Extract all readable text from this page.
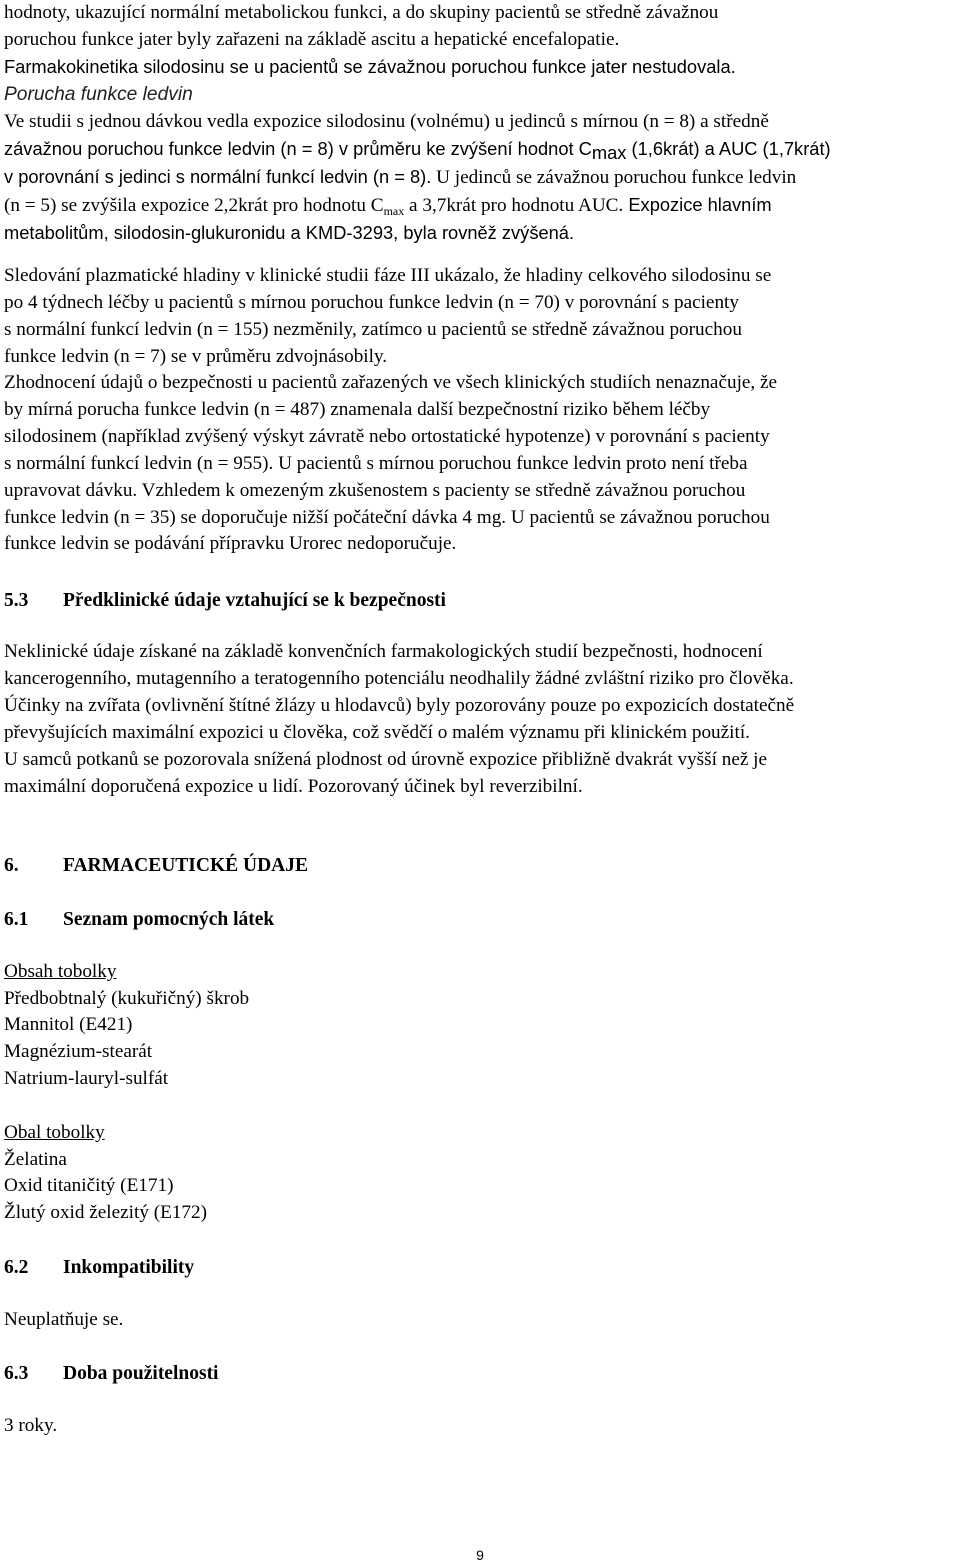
hodnoty, ukazující normální metabolickou funkci, a do skupiny pacientů se středně závažnou
poruchou funkce jater byly zařazeni na základě ascitu a hepatické encefalopatie.
Farmakokinetika silodosinu se u pacientů se závažnou poruchou funkce jater nestudovala.

Porucha funkce ledvin

Ve studii s jednou dávkou vedla expozice silodosinu (volnému) u jedinců s mírnou (n = 8) a středně
závažnou poruchou funkce ledvin (n = 8) v průměru ke zvýšení hodnot $C_{max}$ (1,6krát) a AUC (1,7krát)
v porovnání s jedinci s normální funkcí ledvin (n = 8). U jedinců se závažnou poruchou funkce ledvin
(n = 5) se zvýšila expozice 2,2krát pro hodnotu $C_{max}$ a 3,7krát pro hodnotu AUC. Expozice hlavním
metabolitům, silodosin-glukuronidu a KMD-3293, byla rovněž zvýšená.

Sledování plazmatické hladiny v klinické studii fáze III ukázalo, že hladiny celkového silodosinu se
po 4 týdnech léčby u pacientů s mírnou poruchou funkce ledvin (n = 70) v porovnání s pacienty
s normální funkcí ledvin (n = 155) nezměnily, zatímco u pacientů se středně závažnou poruchou
funkce ledvin (n = 7) se v průměru zdvojnásobily.

Zhodnocení údajů o bezpečnosti u pacientů zařazených ve všech klinických studiích nenaznačuje, že
by mírná porucha funkce ledvin (n = 487) znamenala další bezpečnostní riziko během léčby
silodosinem (například zvýšený výskyt závratě nebo ortostatické hypotenze) v porovnání s pacienty
s normální funkcí ledvin (n = 955). U pacientů s mírnou poruchou funkce ledvin proto není třeba
upravovat dávku. Vzhledem k omezeným zkušenostem s pacienty se středně závažnou poruchou
funkce ledvin (n = 35) se doporučuje nižší počáteční dávka 4 mg. U pacientů se závažnou poruchou
funkce ledvin se podávání přípravku Urorec nedoporučuje.

5.3 Předklinické údaje vztahující se k bezpečnosti

Neklinické údaje získané na základě konvenčních farmakologických studií bezpečnosti, hodnocení
kancerogenního, mutagenního a teratogenního potenciálu neodhalily žádné zvláštní riziko pro člověka.
Účinky na zvířata (ovlivnění štítné žlázy u hlodavců) byly pozorovány pouze po expozicích dostatečně
převyšujících maximální expozici u člověka, což svědčí o malém významu při klinickém použití.
U samců potkanů se pozorovala snížená plodnost od úrovně expozice přibližně dvakrát vyšší než je
maximální doporučená expozice u lidí. Pozorovaný účinek byl reverzibilní.

6. FARMACEUTICKÉ ÚDAJE
6.1 Seznam pomocných látek
Obsah tobolky
Předbobtnalý (kukuřičný) škrob
Mannitol (E421)
Magnézium-stearát
Natrium-lauryl-sulfát
Obal tobolky
Želatina
Oxid titaničitý (E171)
Žlutý oxid železitý (E172)
6.2 Inkompatibility

Neuplatňuje se.

6.3 Doba použitelnosti

3 roky.

9
